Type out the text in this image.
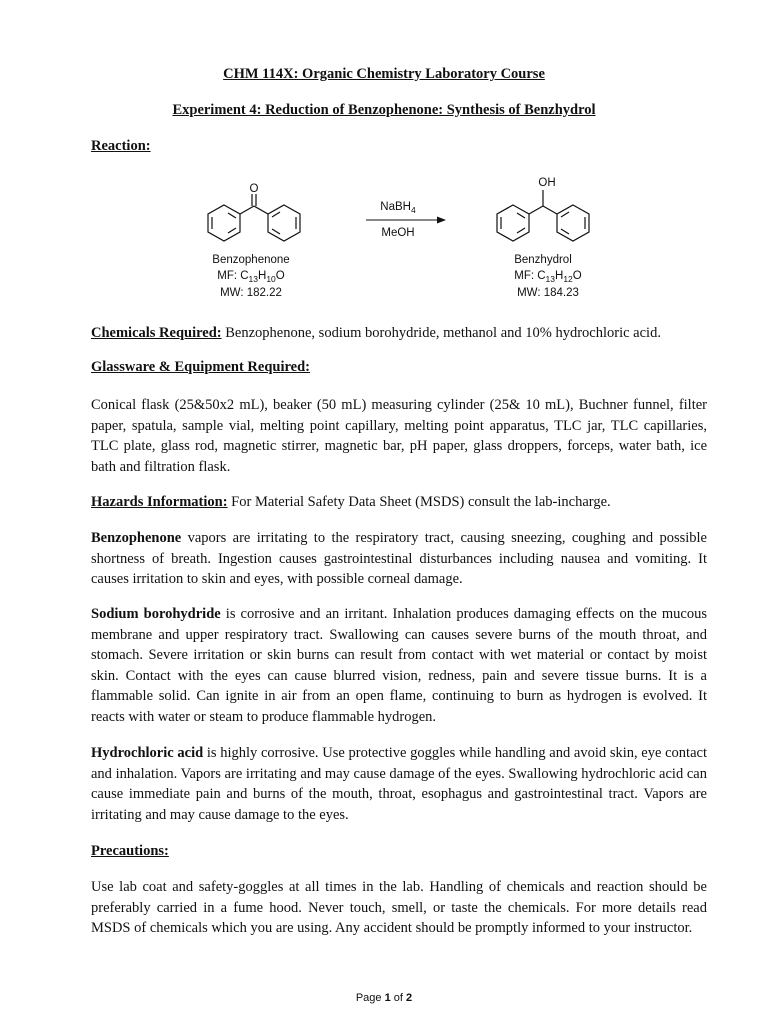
CHM 114X: Organic Chemistry Laboratory Course
Experiment 4: Reduction of Benzophenone: Synthesis of Benzhydrol
Reaction:
O
Benzophenone
MF: $C_{13}H_{10}O$
MW: 182.22
NaBH$_4$
MeOH
OH
Benzhydrol
MF: $C_{13}H_{12}O$
MW: 184.23
Chemicals Required: Benzophenone, sodium borohydride, methanol and 10% hydrochloric acid.
Glassware & Equipment Required:
Conical flask (25&50x2 mL), beaker (50 mL) measuring cylinder (25& 10 mL), Buchner funnel, filter paper, spatula, sample vial, melting point capillary, melting point apparatus, TLC jar, TLC capillaries, TLC plate, glass rod, magnetic stirrer, magnetic bar, pH paper, glass droppers, forceps, water bath, ice bath and filtration flask.
Hazards Information: For Material Safety Data Sheet (MSDS) consult the lab-incharge.
Benzophenone vapors are irritating to the respiratory tract, causing sneezing, coughing and possible shortness of breath. Ingestion causes gastrointestinal disturbances including nausea and vomiting. It causes irritation to skin and eyes, with possible corneal damage.
Sodium borohydride is corrosive and an irritant. Inhalation produces damaging effects on the mucous membrane and upper respiratory tract. Swallowing can causes severe burns of the mouth throat, and stomach. Severe irritation or skin burns can result from contact with wet material or contact by moist skin. Contact with the eyes can cause blurred vision, redness, pain and severe tissue burns. It is a flammable solid. Can ignite in air from an open flame, continuing to burn as hydrogen is evolved. It reacts with water or steam to produce flammable hydrogen.
Hydrochloric acid is highly corrosive. Use protective goggles while handling and avoid skin, eye contact and inhalation. Vapors are irritating and may cause damage of the eyes. Swallowing hydrochloric acid can cause immediate pain and burns of the mouth, throat, esophagus and gastrointestinal tract. Vapors are irritating and may cause damage to the eyes.
Precautions:
Use lab coat and safety-goggles at all times in the lab. Handling of chemicals and reaction should be preferably carried in a fume hood. Never touch, smell, or taste the chemicals. For more details read MSDS of chemicals which you are using. Any accident should be promptly informed to your instructor.
Page 1 of 2
